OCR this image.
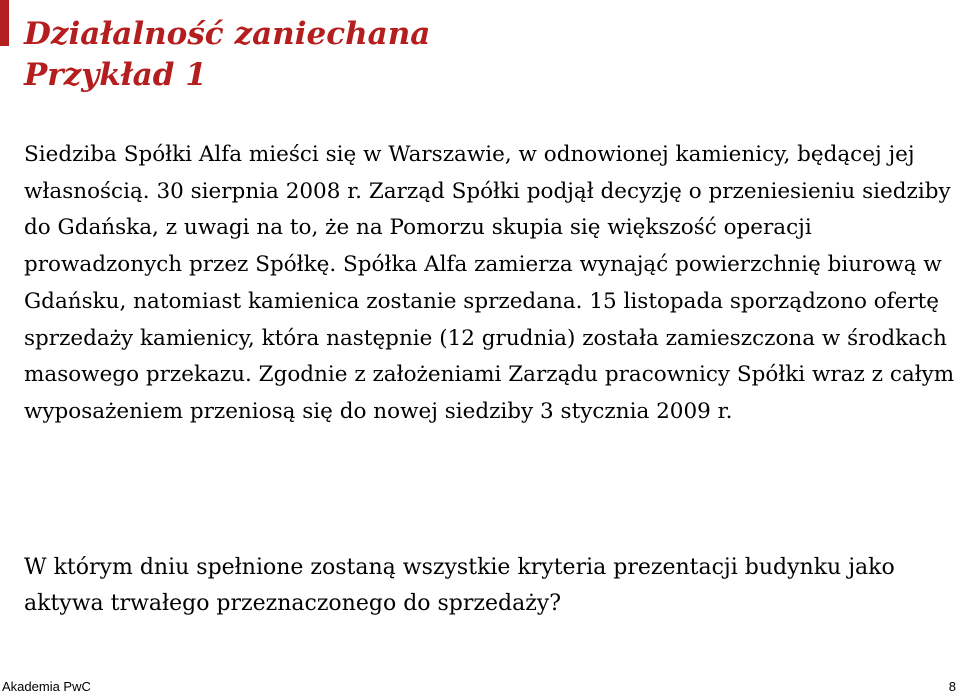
Działalność zaniechana
Przykład 1

Siedziba Spółki Alfa mieści się w Warszawie, w odnowionej kamienicy, będącej jej własnością. 30 sierpnia 2008 r. Zarząd Spółki podjął decyzję o przeniesieniu siedziby do Gdańska, z uwagi na to, że na Pomorzu skupia się większość operacji prowadzonych przez Spółkę. Spółka Alfa zamierza wynająć powierzchnię biurową w Gdańsku, natomiast kamienica zostanie sprzedana. 15 listopada sporządzono ofertę sprzedaży kamienicy, która następnie (12 grudnia) została zamieszczona w środkach masowego przekazu. Zgodnie z założeniami Zarządu pracownicy Spółki wraz z całym wyposażeniem przeniosą się do nowej siedziby 3 stycznia 2009 r.

W którym dniu spełnione zostaną wszystkie kryteria prezentacji budynku jako aktywa trwałego przeznaczonego do sprzedaży?

Akademia PwC	8
